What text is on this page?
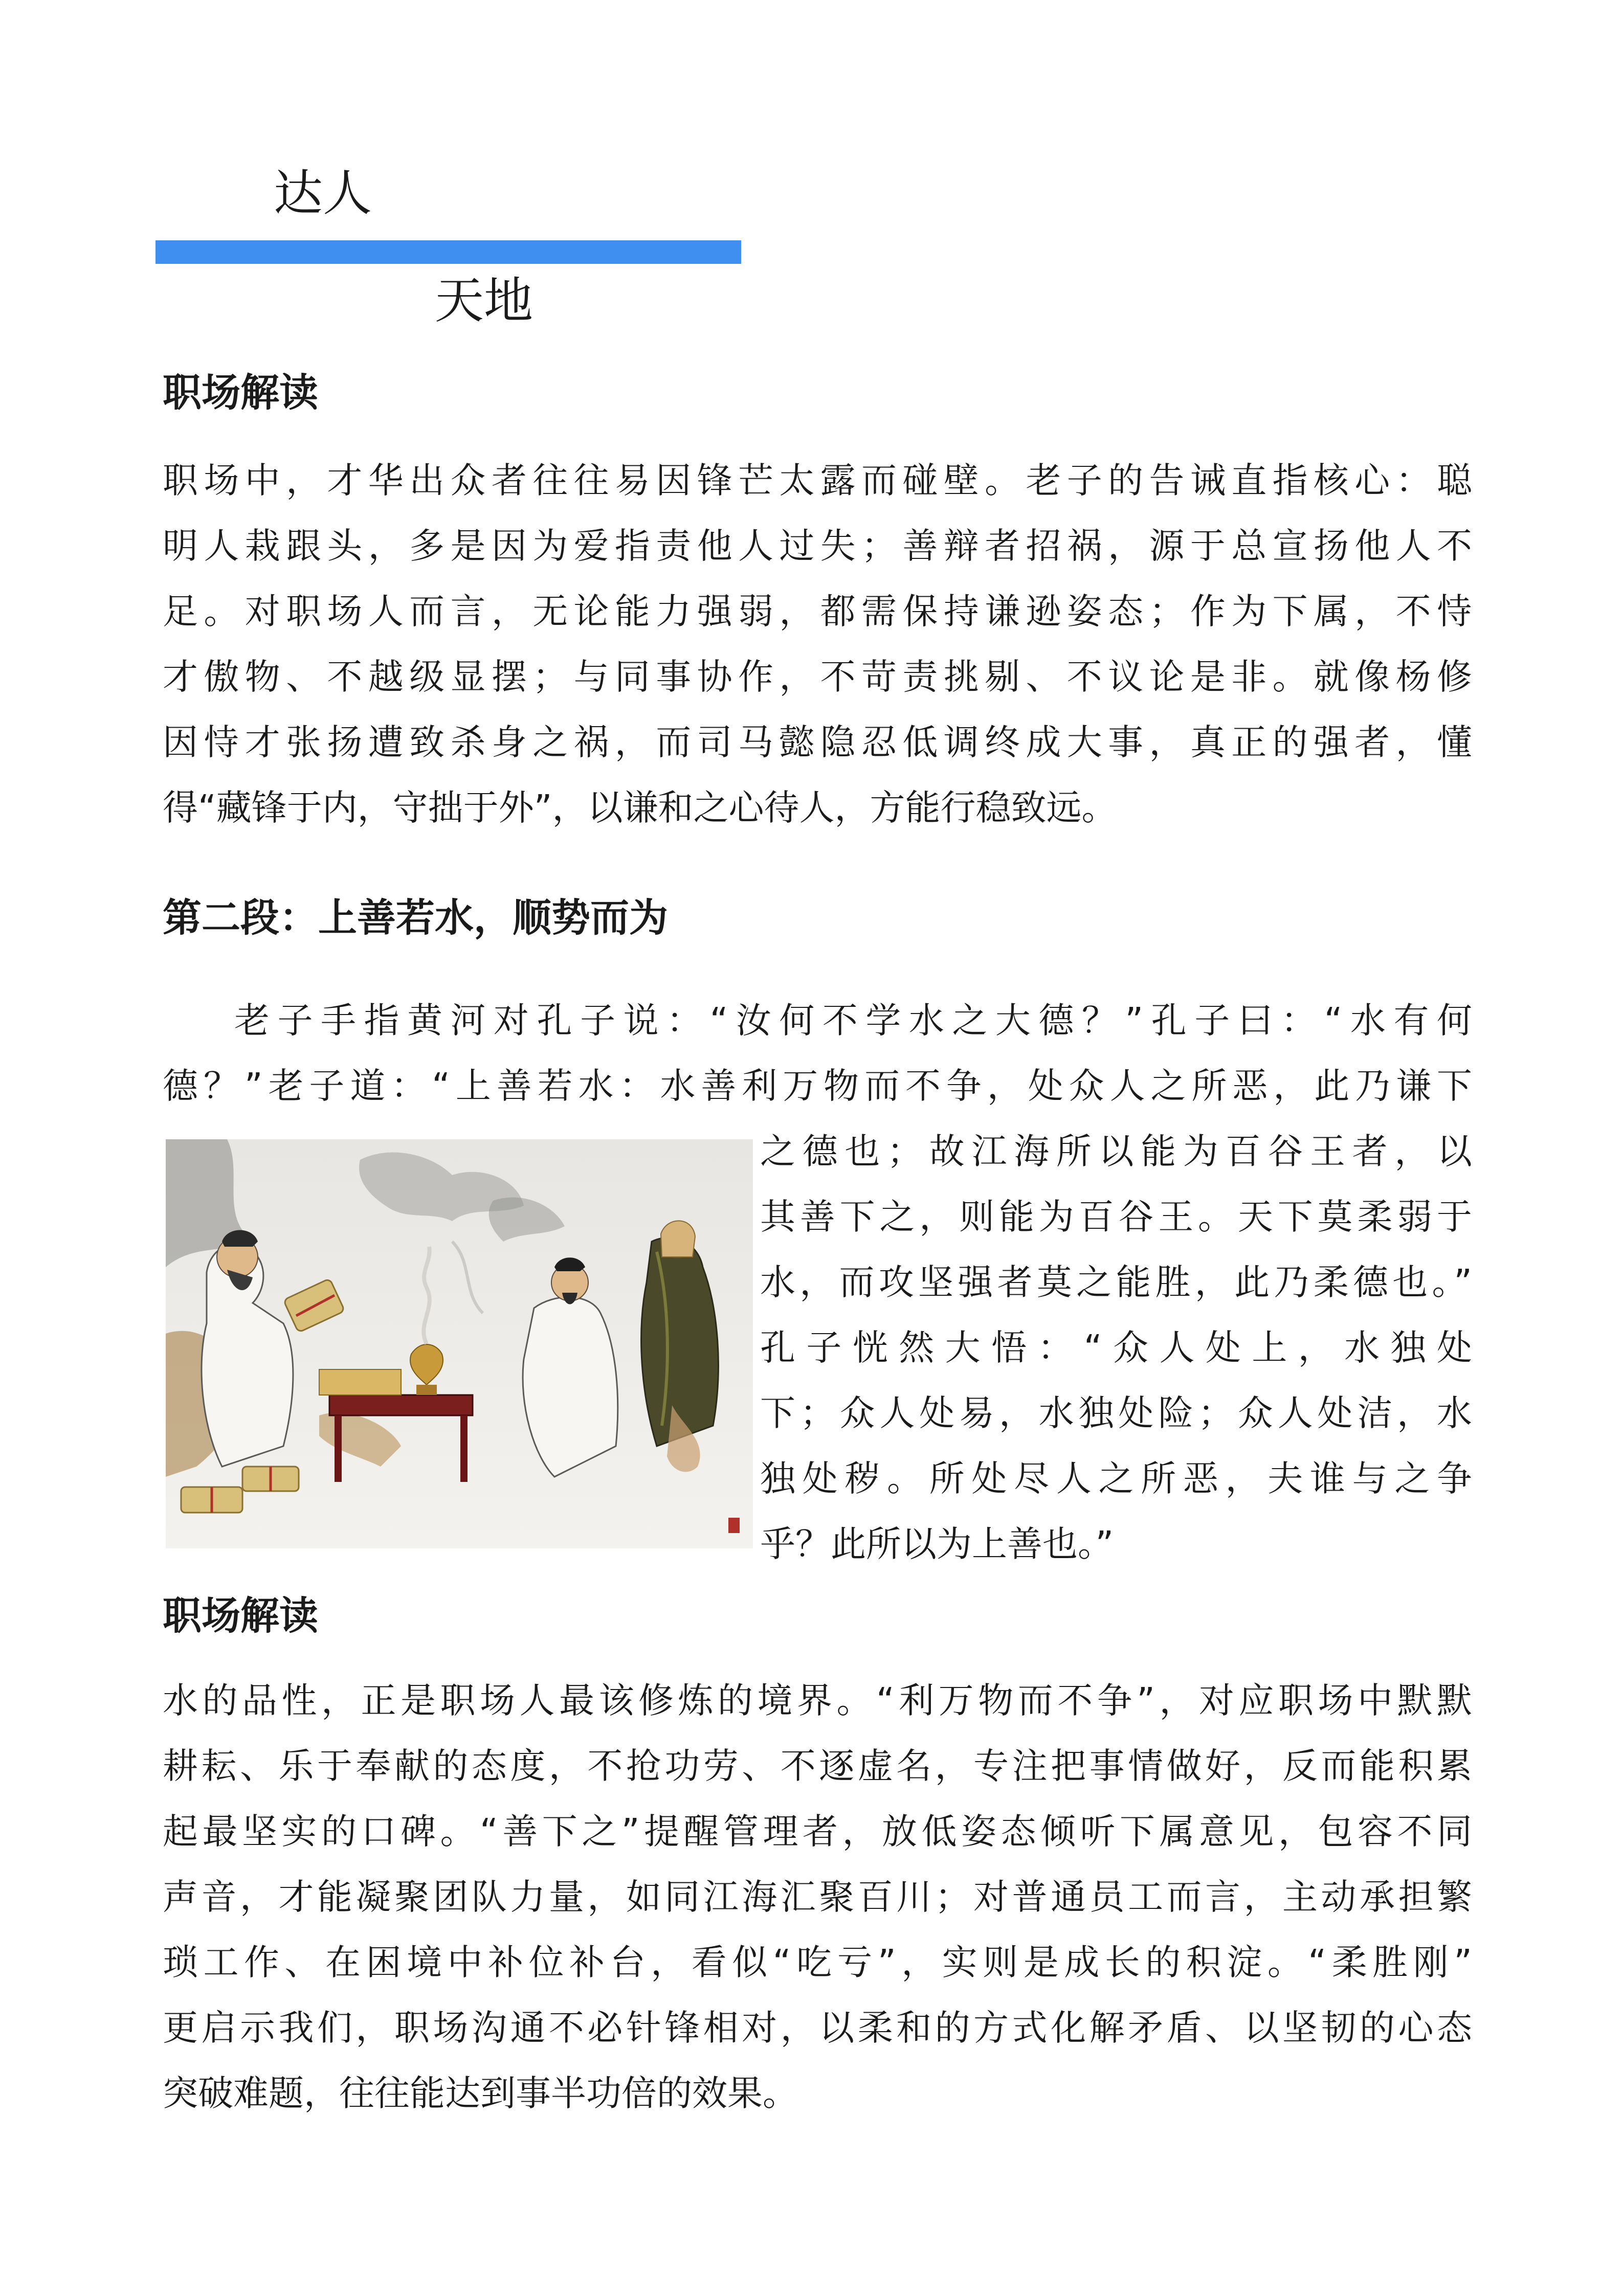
达人
天地
职场解读
职场中，才华出众者往往易因锋芒太露而碰壁。老子的告诫直指核心：聪
明人栽跟头，多是因为爱指责他人过失；善辩者招祸，源于总宣扬他人不
足。对职场人而言，无论能力强弱，都需保持谦逊姿态；作为下属，不恃
才傲物、不越级显摆；与同事协作，不苛责挑剔、不议论是非。就像杨修
因恃才张扬遭致杀身之祸，而司马懿隐忍低调终成大事，真正的强者，懂
得“藏锋于内，守拙于外”，以谦和之心待人，方能行稳致远。
第二段：上善若水，顺势而为
老子手指黄河对孔子说：“汝何不学水之大德？”孔子曰：“水有何
德？”老子道：“上善若水：水善利万物而不争，处众人之所恶，此乃谦下
之德也；故江海所以能为百谷王者，以
其善下之，则能为百谷王。天下莫柔弱于
水，而攻坚强者莫之能胜，此乃柔德也。”
孔子恍然大悟：“众人处上，水独处
下；众人处易，水独处险；众人处洁，水
独处秽。所处尽人之所恶，夫谁与之争
乎？此所以为上善也。”
职场解读
水的品性，正是职场人最该修炼的境界。“利万物而不争”，对应职场中默默
耕耘、乐于奉献的态度，不抢功劳、不逐虚名，专注把事情做好，反而能积累
起最坚实的口碑。“善下之”提醒管理者，放低姿态倾听下属意见，包容不同
声音，才能凝聚团队力量，如同江海汇聚百川；对普通员工而言，主动承担繁
琐工作、在困境中补位补台，看似“吃亏”，实则是成长的积淀。“柔胜刚”
更启示我们，职场沟通不必针锋相对，以柔和的方式化解矛盾、以坚韧的心态
突破难题，往往能达到事半功倍的效果。
